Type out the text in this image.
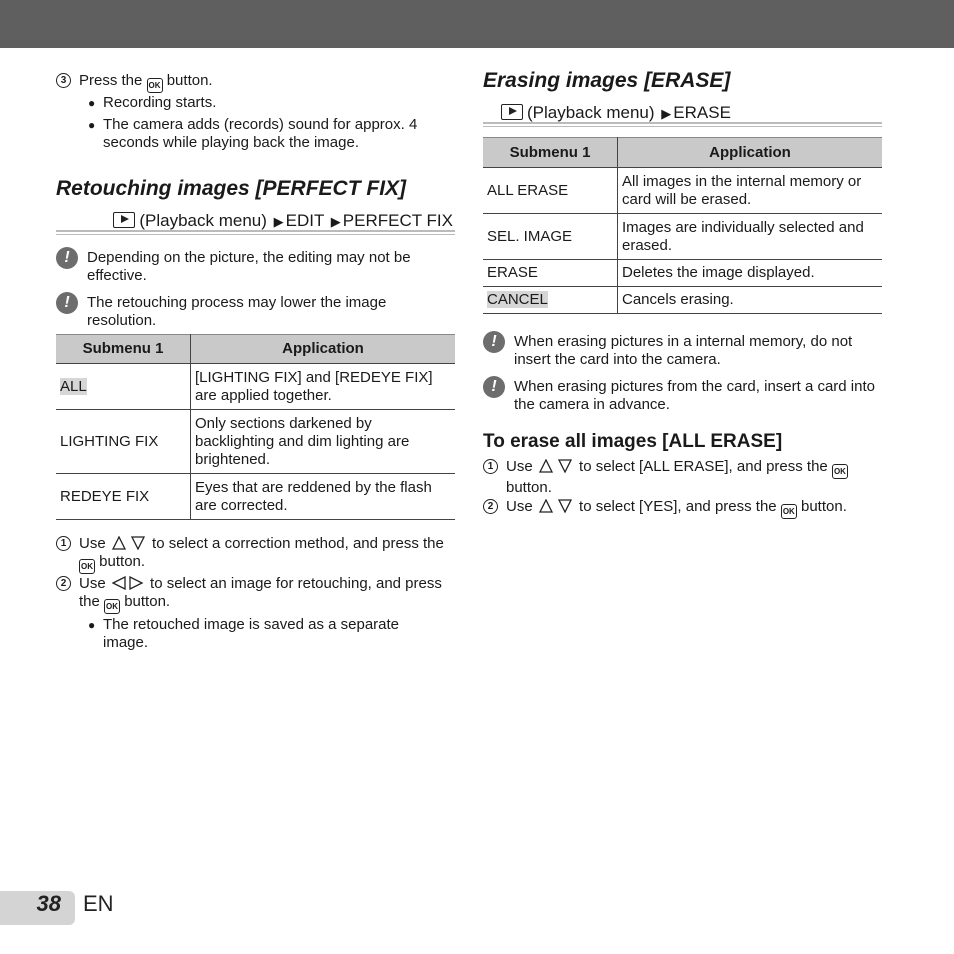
3 Press the OK button.
● Recording starts.
● The camera adds (records) sound for approx. 4 seconds while playing back the image.
Retouching images [PERFECT FIX]
(Playback menu) ▶ EDIT ▶ PERFECT FIX
!	Depending on the picture, the editing may not be effective.
!	The retouching process may lower the image resolution.
Submenu 1	Application
ALL	[LIGHTING FIX] and [REDEYE FIX] are applied together.
LIGHTING FIX	Only sections darkened by backlighting and dim lighting are brightened.
REDEYE FIX	Eyes that are reddened by the flash are corrected.
1 Use	to select a correction method, and press the OK button.
2 Use	to select an image for retouching, and press the OK button.
● The retouched image is saved as a separate image.
Erasing images [ERASE]
(Playback menu) ▶ ERASE
Submenu 1	Application
ALL ERASE	All images in the internal memory or card will be erased.
SEL. IMAGE	Images are individually selected and erased.
ERASE	Deletes the image displayed.
CANCEL	Cancels erasing.
!	When erasing pictures in a internal memory, do not insert the card into the camera.
!	When erasing pictures from the card, insert a card into the camera in advance.
To erase all images [ALL ERASE]
1 Use	to select [ALL ERASE], and press the OK button.
2 Use	to select [YES], and press the OK button.
38 EN
